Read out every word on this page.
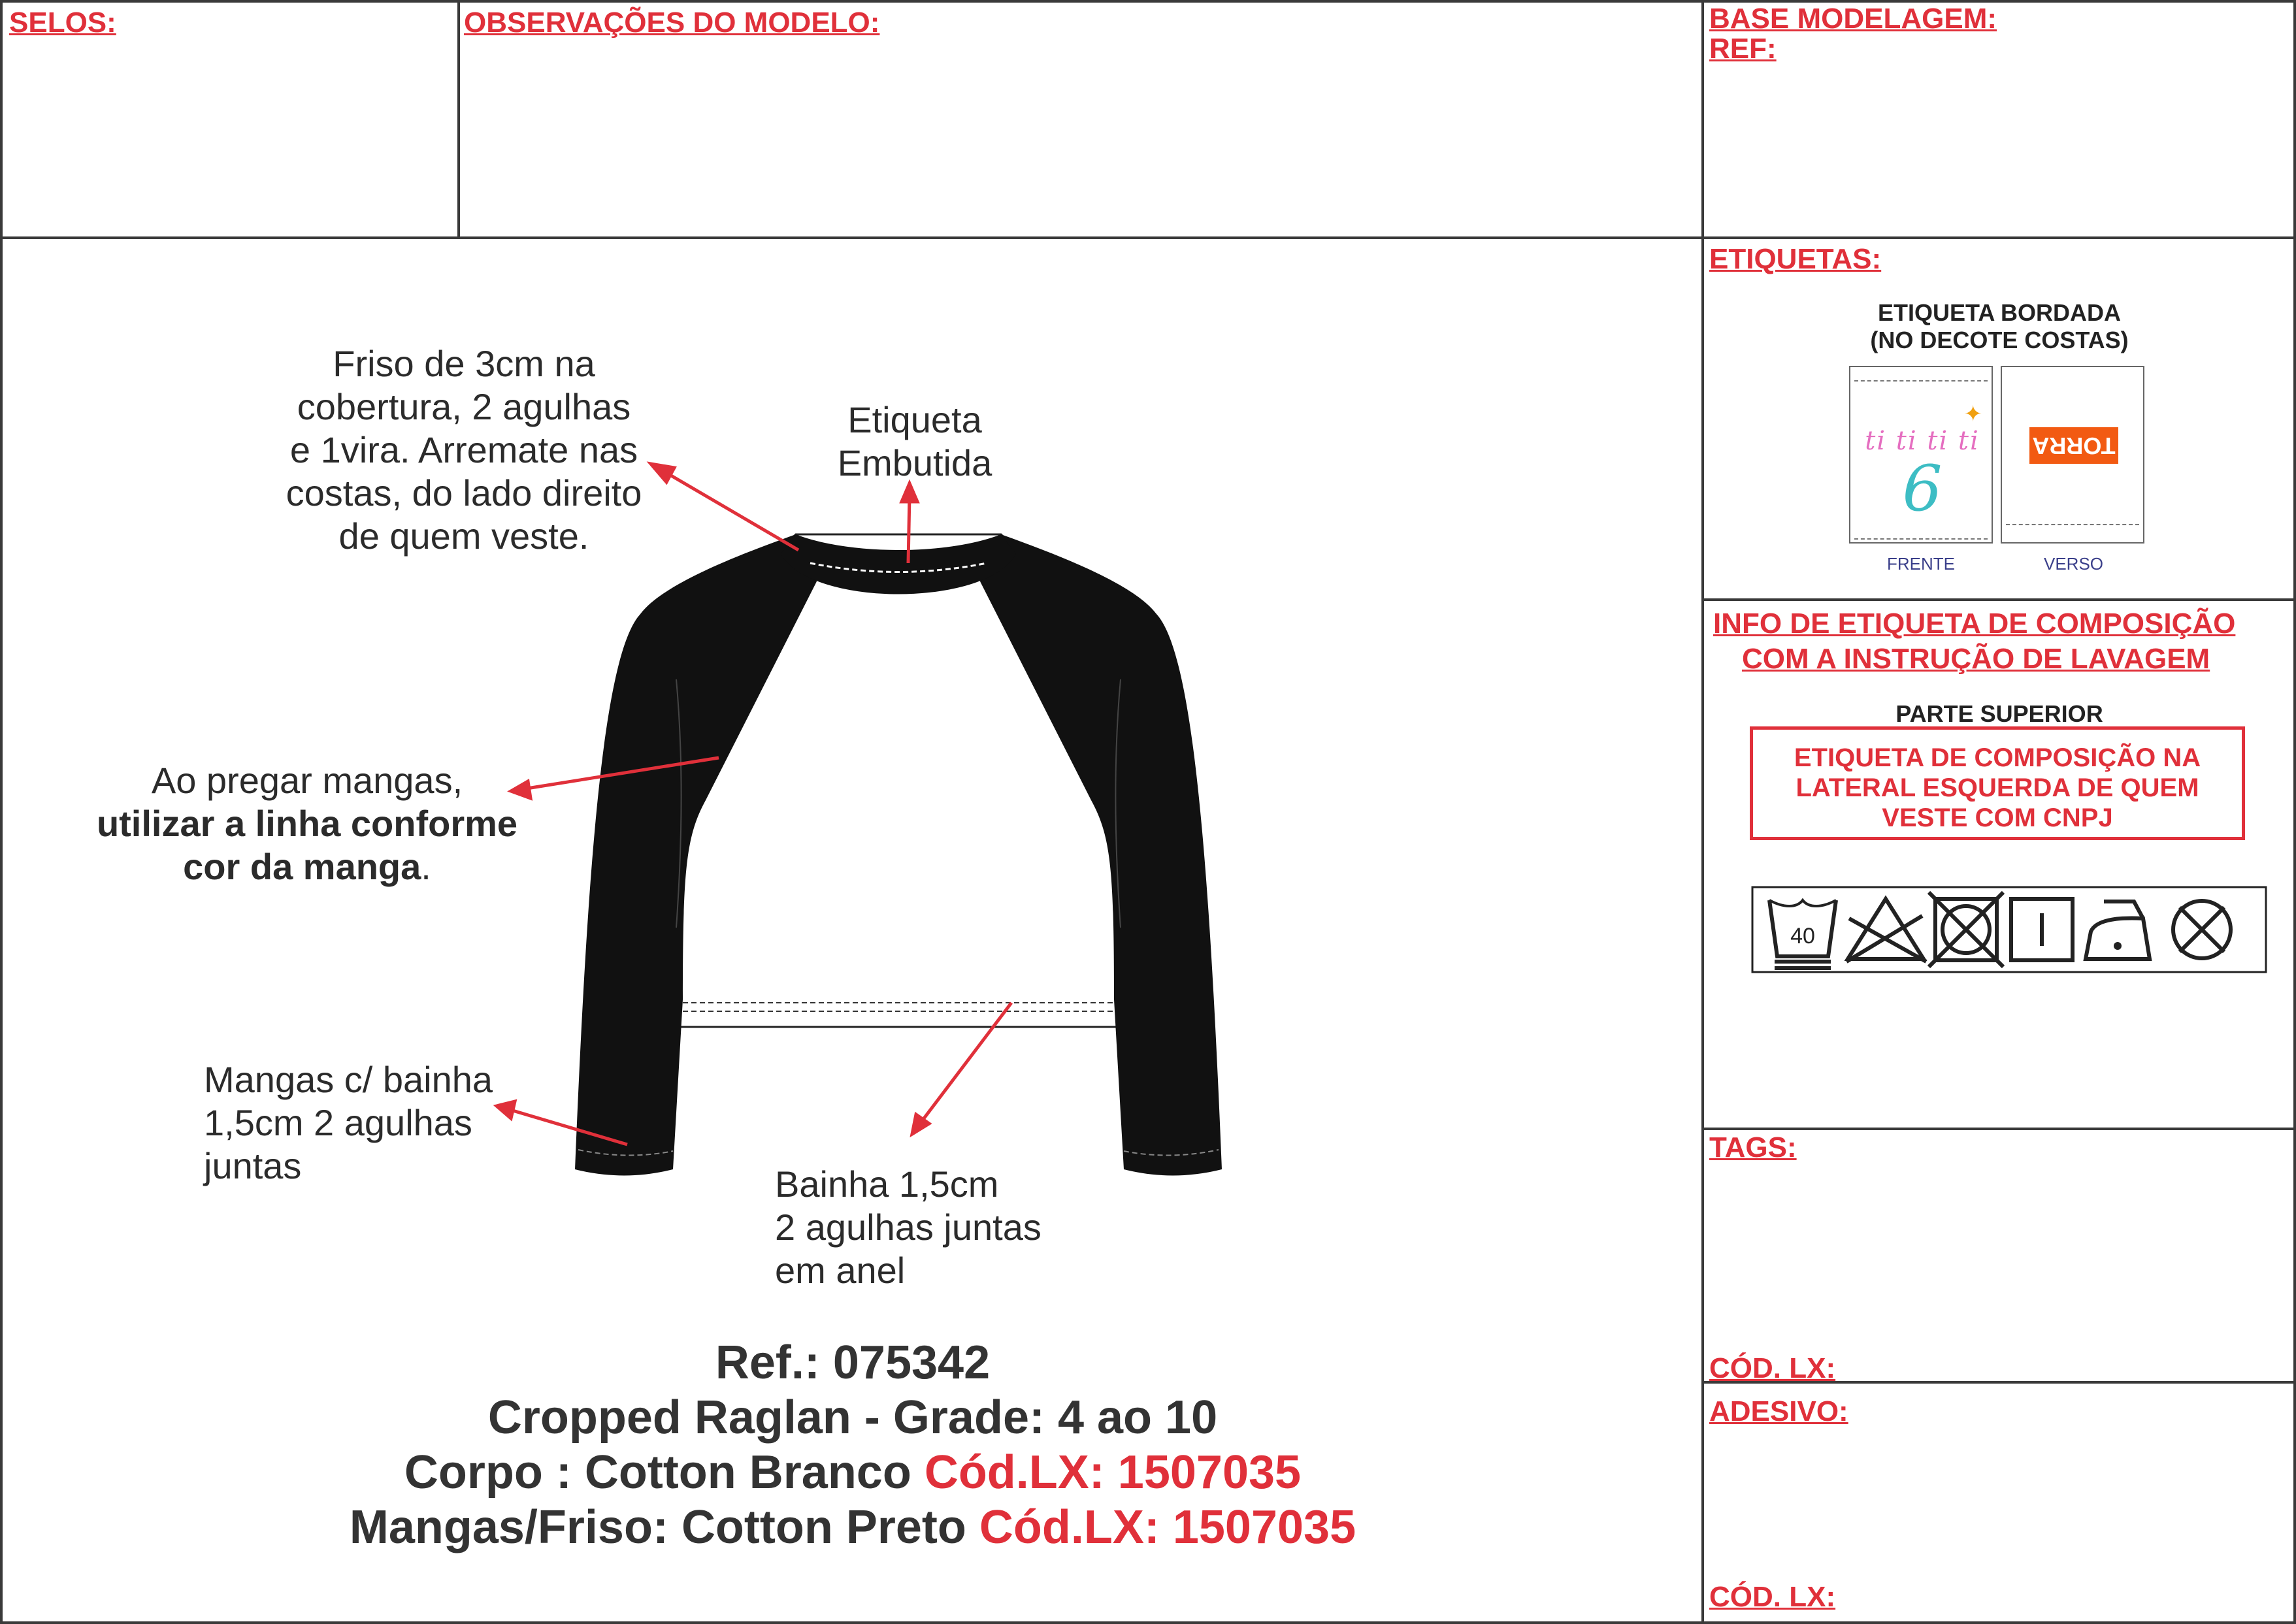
SELOS:	OBSERVAÇÕES DO MODELO:	BASE MODELAGEM:
REF:
Friso de 3cm na
cobertura, 2 agulhas
e 1vira. Arremate nas
costas, do lado direito
de quem veste.
Etiqueta
Embutida
Ao pregar mangas,
utilizar a linha conforme
cor da manga.
Mangas c/ bainha
1,5cm 2 agulhas
juntas	Bainha 1,5cm
2 agulhas juntas
em anel
Ref.: 075342
Cropped Raglan - Grade: 4 ao 10
Corpo : Cotton Branco Cód.LX: 1507035
Mangas/Friso: Cotton Preto Cód.LX: 1507035
ETIQUETAS:
ETIQUETA BORDADA
(NO DECOTE COSTAS)
ti ti ti ti
6
✦
TORRA
FRENTE	VERSO
INFO DE ETIQUETA DE COMPOSIÇÃO
COM A INSTRUÇÃO DE LAVAGEM
PARTE SUPERIOR
ETIQUETA DE COMPOSIÇÃO NA
LATERAL ESQUERDA DE QUEM
VESTE COM CNPJ
40
TAGS:
CÓD. LX:
ADESIVO:
CÓD. LX:
